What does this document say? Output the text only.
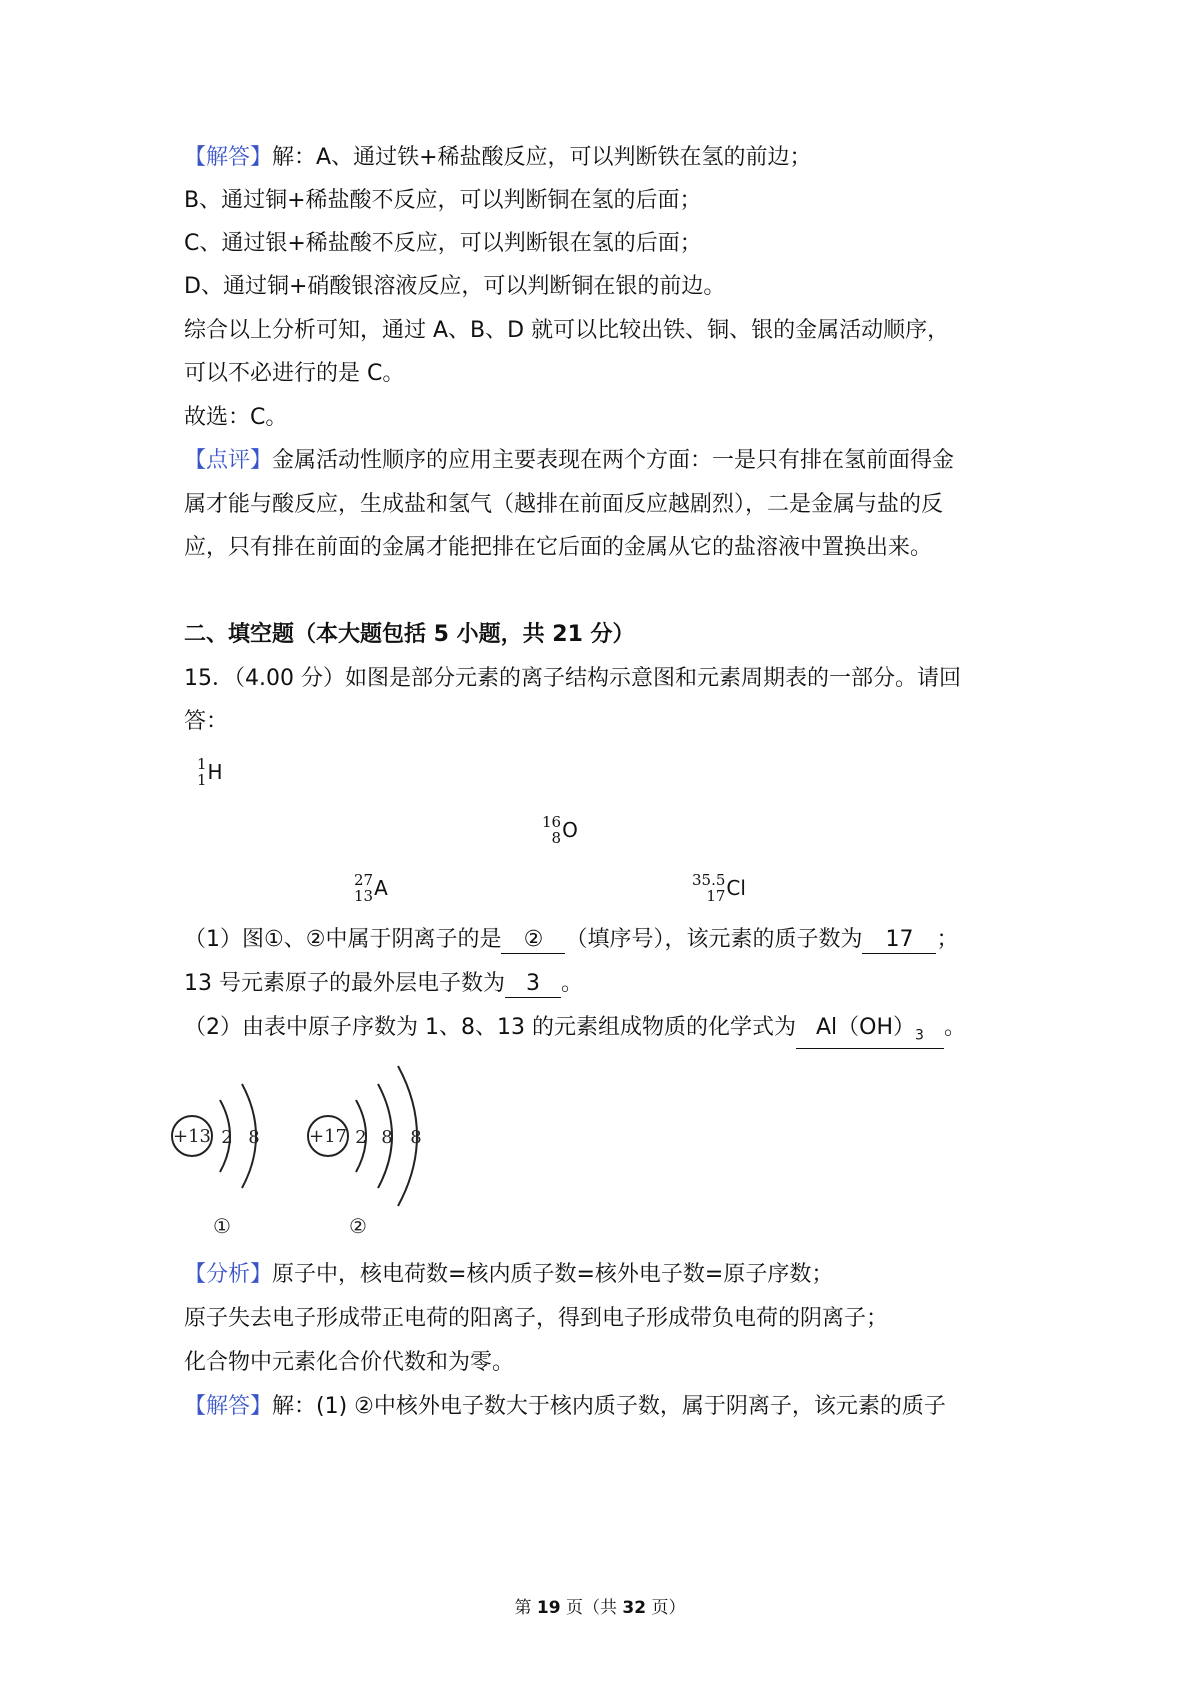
【解答】解：A、通过铁+稀盐酸反应，可以判断铁在氢的前边；
B、通过铜+稀盐酸不反应，可以判断铜在氢的后面；
C、通过银+稀盐酸不反应，可以判断银在氢的后面；
D、通过铜+硝酸银溶液反应，可以判断铜在银的前边。
综合以上分析可知，通过 A、B、D 就可以比较出铁、铜、银的金属活动顺序，
可以不必进行的是 C。
故选：C。
【点评】金属活动性顺序的应用主要表现在两个方面：一是只有排在氢前面得金
属才能与酸反应，生成盐和氢气（越排在前面反应越剧烈），二是金属与盐的反
应，只有排在前面的金属才能把排在它后面的金属从它的盐溶液中置换出来。
二、填空题（本大题包括 5 小题，共 21 分）
15．（4.00 分）如图是部分元素的离子结构示意图和元素周期表的一部分。请回
答：
1
1 H
16
8 O
27
13 A	35.5
17 Cl
（1）图①、②中属于阴离子的是 ② （填序号），该元素的质子数为 17 ；
13 号元素原子的最外层电子数为 3 。
（2）由表中原子序数为 1、8、13 的元素组成物质的化学式为 $Al(OH)_3$ 。
+13 2 8
①
+17 2 8 8
②
【分析】原子中，核电荷数=核内质子数=核外电子数=原子序数；
原子失去电子形成带正电荷的阳离子，得到电子形成带负电荷的阴离子；
化合物中元素化合价代数和为零。
【解答】解：(1) ②中核外电子数大于核内质子数，属于阴离子，该元素的质子
第 19 页（共 32 页）
